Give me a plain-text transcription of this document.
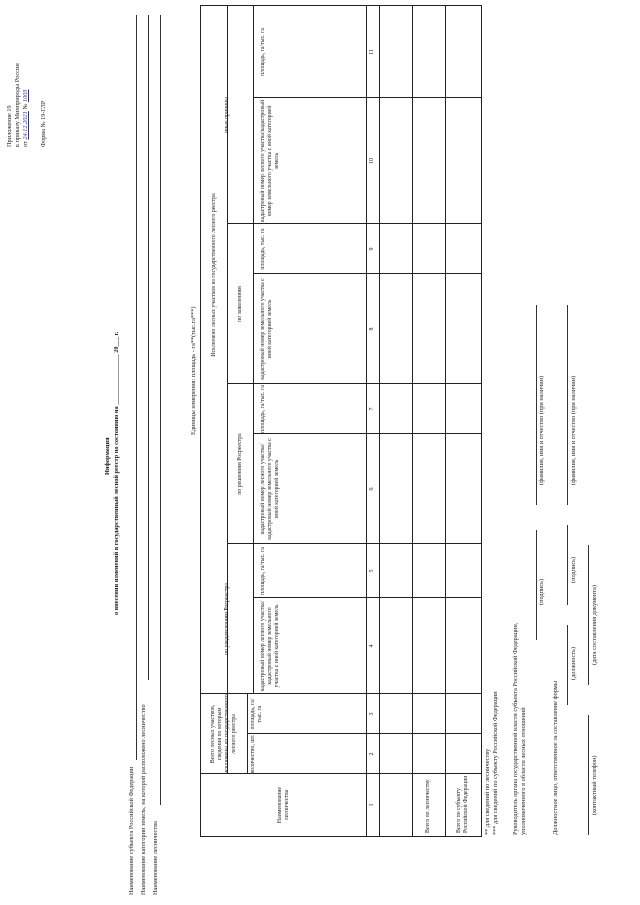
Приложение 19 к приказу Минприроды России от 24.12.2021 № 1003
Форма № 19-ГЛР
Информация о внесении изменений в государственный лесной реестр по состоянию на ________________ 20___ г.
Наименование субъекта Российской Федерации Наименование категории земель, на которой расположено лесничество Наименование лесничества
Единицы измерения: площадь - га**(тыс.га***)
Наименование лесничества
Всего лесных участков, сведения по которым исключены из государственного лесного реестра
количество, шт.
площадь, га/тыс. га
Исключено лесных участков из государственного лесного реестра
по уведомлениям Росреестра
по решениям Росреестра
по заявлениям
иные причины
кадастровый номер лесного участка/кадастровый номер земельного участка с иной категорией земель
площадь, га/тыс. га
кадастровый номер лесного участка/кадастровый номер земельного участка с иной категорией земель
площадь, га/тыс. га
кадастровый номер земельного участка с иной категорией земель
площадь, тыс. га
кадастровый номер лесного участка/кадастровый номер земельного участка с иной категорией земель
площадь, га/тыс. га
1
2
3
4
5
6
7
8
9
10
11
Всего по лесничеству	Всего по субъекту Российской Федерации	** для сведений по лесничеству *** для сведений по субъекту Российской Федерации Руководитель органа государственной власти субъекта Российской Федерации, уполномоченного в области лесных отношений
(подпись)
(фамилия, имя и отчество (при наличии)
Должностное лицо, ответственное за составление формы
(должность)
(подпись)
(фамилия, имя и отчество (при наличии)
(контактный телефон)
(дата составления документа)
